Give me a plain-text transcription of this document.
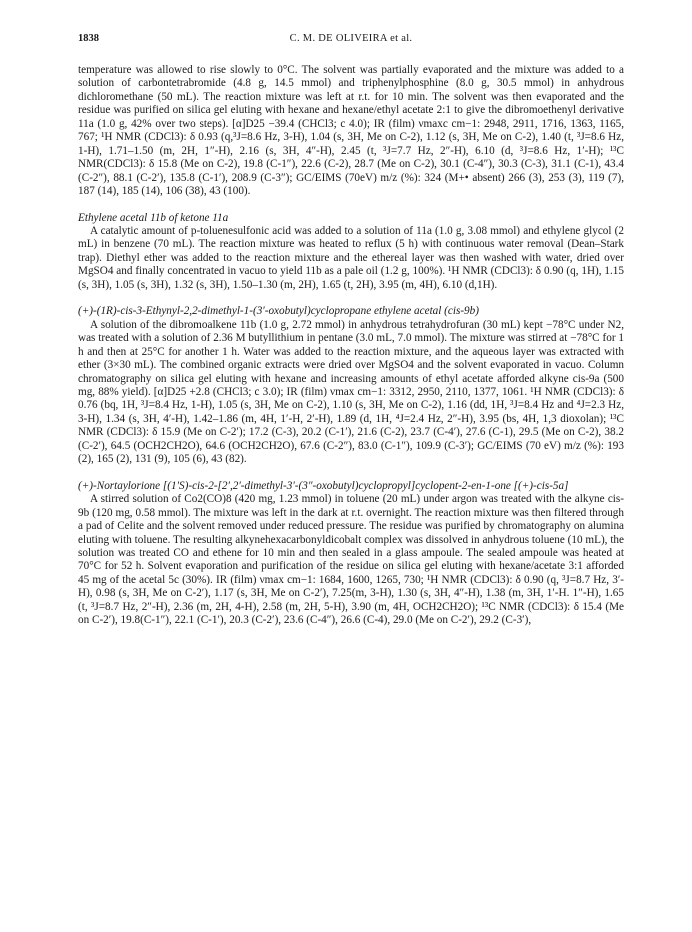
1838	C. M. DE OLIVEIRA et al.

temperature was allowed to rise slowly to 0°C. The solvent was partially evaporated and the mixture was added to a solution of carbontetrabromide (4.8 g, 14.5 mmol) and triphenylphosphine (8.0 g, 30.5 mmol) in anhydrous dichloromethane (50 mL). The reaction mixture was left at r.t. for 10 min. The solvent was then evaporated and the residue was purified on silica gel eluting with hexane and hexane/ethyl acetate 2:1 to give the dibromoethenyl derivative 11a (1.0 g, 42% over two steps). [α]D25 −39.4 (CHCl3; c 4.0); IR (film) νmaxc cm−1: 2948, 2911, 1716, 1363, 1165, 767; ¹H NMR (CDCl3): δ 0.93 (q,³J=8.6 Hz, 3-H), 1.04 (s, 3H, Me on C-2), 1.12 (s, 3H, Me on C-2), 1.40 (t, ³J=8.6 Hz, 1-H), 1.71–1.50 (m, 2H, 1″-H), 2.16 (s, 3H, 4″-H), 2.45 (t, ³J=7.7 Hz, 2″-H), 6.10 (d, ³J=8.6 Hz, 1′-H); ¹³C NMR(CDCl3): δ 15.8 (Me on C-2), 19.8 (C-1″), 22.6 (C-2), 28.7 (Me on C-2), 30.1 (C-4″), 30.3 (C-3), 31.1 (C-1), 43.4 (C-2″), 88.1 (C-2′), 135.8 (C-1′), 208.9 (C-3″); GC/EIMS (70eV) m/z (%): 324 (M+• absent) 266 (3), 253 (3), 119 (7), 187 (14), 185 (14), 106 (38), 43 (100).

Ethylene acetal 11b of ketone 11a

A catalytic amount of p-toluenesulfonic acid was added to a solution of 11a (1.0 g, 3.08 mmol) and ethylene glycol (2 mL) in benzene (70 mL). The reaction mixture was heated to reflux (5 h) with continuous water removal (Dean–Stark trap). Diethyl ether was added to the reaction mixture and the ethereal layer was then washed with water, dried over MgSO4 and finally concentrated in vacuo to yield 11b as a pale oil (1.2 g, 100%). ¹H NMR (CDCl3): δ 0.90 (q, 1H), 1.15 (s, 3H), 1.05 (s, 3H), 1.32 (s, 3H), 1.50–1.30 (m, 2H), 1.65 (t, 2H), 3.95 (m, 4H), 6.10 (d,1H).

(+)-(1R)-cis-3-Ethynyl-2,2-dimethyl-1-(3′-oxobutyl)cyclopropane ethylene acetal (cis-9b)

A solution of the dibromoalkene 11b (1.0 g, 2.72 mmol) in anhydrous tetrahydrofuran (30 mL) kept −78°C under N2, was treated with a solution of 2.36 M butyllithium in pentane (3.0 mL, 7.0 mmol). The mixture was stirred at −78°C for 1 h and then at 25°C for another 1 h. Water was added to the reaction mixture, and the aqueous layer was extracted with ether (3×30 mL). The combined organic extracts were dried over MgSO4 and the solvent evaporated in vacuo. Column chromatography on silica gel eluting with hexane and increasing amounts of ethyl acetate afforded alkyne cis-9a (500 mg, 88% yield). [α]D25 +2.8 (CHCl3; c 3.0); IR (film) νmax cm−1: 3312, 2950, 2110, 1377, 1061. ¹H NMR (CDCl3): δ 0.76 (bq, 1H, ³J=8.4 Hz, 1-H), 1.05 (s, 3H, Me on C-2), 1.10 (s, 3H, Me on C-2), 1.16 (dd, 1H, ³J=8.4 Hz and ⁴J=2.3 Hz, 3-H), 1.34 (s, 3H, 4′-H), 1.42–1.86 (m, 4H, 1′-H, 2′-H), 1.89 (d, 1H, ⁴J=2.4 Hz, 2″-H), 3.95 (bs, 4H, 1,3 dioxolan); ¹³C NMR (CDCl3): δ 15.9 (Me on C-2′); 17.2 (C-3), 20.2 (C-1′), 21.6 (C-2), 23.7 (C-4′), 27.6 (C-1), 29.5 (Me on C-2), 38.2 (C-2′), 64.5 (OCH2CH2O), 64.6 (OCH2CH2O), 67.6 (C-2″), 83.0 (C-1″), 109.9 (C-3′); GC/EIMS (70 eV) m/z (%): 193 (2), 165 (2), 131 (9), 105 (6), 43 (82).

(+)-Nortaylorione [(1′S)-cis-2-[2′,2′-dimethyl-3′-(3″-oxobutyl)cyclopropyl]cyclopent-2-en-1-one [(+)-cis-5a]

A stirred solution of Co2(CO)8 (420 mg, 1.23 mmol) in toluene (20 mL) under argon was treated with the alkyne cis-9b (120 mg, 0.58 mmol). The mixture was left in the dark at r.t. overnight. The reaction mixture was then filtered through a pad of Celite and the solvent removed under reduced pressure. The residue was purified by chromatography on alumina eluting with toluene. The resulting alkynehexacarbonyldicobalt complex was dissolved in anhydrous toluene (10 mL), the solution was treated CO and ethene for 10 min and then sealed in a glass ampoule. The sealed ampoule was heated at 70°C for 52 h. Solvent evaporation and purification of the residue on silica gel eluting with hexane/acetate 3:1 afforded 45 mg of the acetal 5c (30%). IR (film) νmax cm−1: 1684, 1600, 1265, 730; ¹H NMR (CDCl3): δ 0.90 (q, ³J=8.7 Hz, 3′-H), 0.98 (s, 3H, Me on C-2′), 1.17 (s, 3H, Me on C-2′), 7.25(m, 3-H), 1.30 (s, 3H, 4″-H), 1.38 (m, 3H, 1′-H. 1″-H), 1.65 (t, ³J=8.7 Hz, 2″-H), 2.36 (m, 2H, 4-H), 2.58 (m, 2H, 5-H), 3.90 (m, 4H, OCH2CH2O); ¹³C NMR (CDCl3): δ 15.4 (Me on C-2′), 19.8(C-1″), 22.1 (C-1′), 20.3 (C-2′), 23.6 (C-4″), 26.6 (C-4), 29.0 (Me on C-2′), 29.2 (C-3′),
